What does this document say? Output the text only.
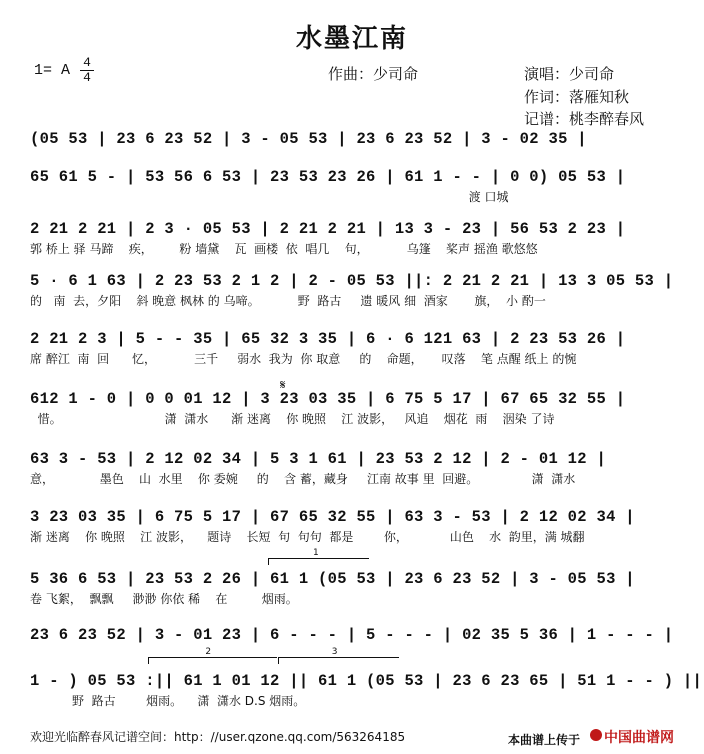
水墨江南
1= A 4
4	作曲：少司命	演唱：少司命
作词：落雁知秋
记谱：桃李醉春风
(05 53 | 23 6 23 52 | 3 - 05 53 | 23 6 23 52 | 3 - 02 35 |
65 61 5 - | 53 56 6 53 | 23 53 23 26 | 61 1 - - | 0 0) 05 53 |
渡 口城
2 21 2 21 | 2 3 · 05 53 | 2 21 2 21 | 13 3 - 23 | 56 53 2 23 |
郭 桥上 驿 马蹄    疾，       粉 墙黛    瓦  画楼  依  唱几    句，          乌篷    桨声 摇渔 歌悠悠
5 · 6 1 63 | 2 23 53 2 1 2 | 2 - 05 53 ||: 2 21 2 21 | 13 3 05 53 |
的   南  去，夕阳    斜 晚意 枫林 的 乌啼。          野  路古     遗 暖风 细  酒家       旗，  小 酌一
2 21 2 3 | 5 - - 35 | 65 32 3 35 | 6 · 6 121 63 | 2 23 53 26 |
席 醉江  南  回      忆，          三千     弱水  我为  你 取意     的    命题，     叹落    笔 点醒 纸上 的惋
612 1 - 0 | 0 0 01 12 | 3 23 03 35 | 6 75 5 17 | 67 65 32 55 |
惜。                           潇  潇水      渐 迷离    你 晚照    江 波影，   风追    烟花  雨    洇染 了诗
63 3 - 53 | 2 12 02 34 | 5 3 1 61 | 23 53 2 12 | 2 - 01 12 |
意，            墨色    山  水里    你 委婉     的    含 蓄，藏身     江南 故事 里  回避。              潇  潇水
3 23 03 35 | 6 75 5 17 | 67 65 32 55 | 63 3 - 53 | 2 12 02 34 |
渐 迷离    你 晚照    江 波影，    题诗    长短  句  句句  都是        你，           山色    水  韵里，满 城翻
5 36 6 53 | 23 53 2 26 | 61 1 (05 53 | 23 6 23 52 | 3 - 05 53 |
卷 飞絮，  飘飘     渺渺 你依 稀    在         烟雨。
23 6 23 52 | 3 - 01 23 | 6 - - - | 5 - - - | 02 35 5 36 | 1 - - - |
1 - ) 05 53 :|| 61 1 01 12 || 61 1 (05 53 | 23 6 23 65 | 51 1 - - ) ||
野  路古        烟雨。    潇  潇水 D.S 烟雨。
1
2	3
𝄋
欢迎光临醉春风记谱空间：http：//user.qzone.qq.com/563264185	本曲谱上传于 中国曲谱网
